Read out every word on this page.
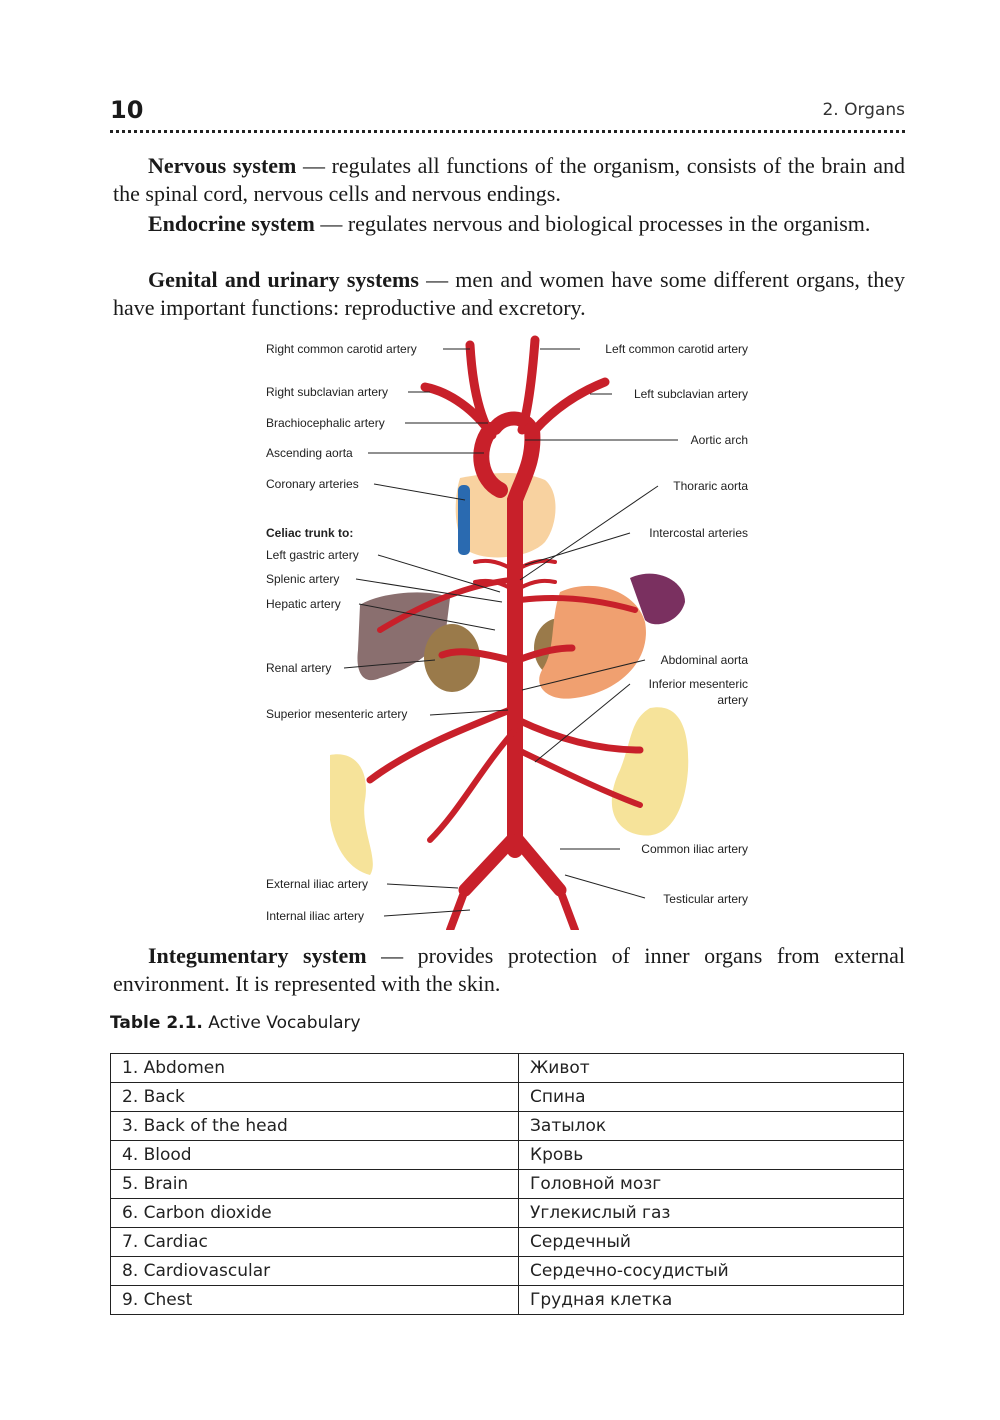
10	2. Organs
Nervous system — regulates all functions of the organism, consists of the brain and the spinal cord, nervous cells and nervous endings.
Endocrine system — regulates nervous and biological processes in the organism.
Genital and urinary systems — men and women have some different organs, they have important functions: reproductive and excretory.
Right common carotid artery
Right subclavian artery
Brachiocephalic artery
Ascending aorta
Coronary arteries
Celiac trunk to:
Left gastric artery
Splenic artery
Hepatic artery
Renal artery
Superior mesenteric artery
External iliac artery
Internal iliac artery
Left common carotid artery
Left subclavian artery
Aortic arch
Thoraric aorta
Intercostal arteries
Abdominal aorta
Inferior mesenteric
artery
Common iliac artery
Testicular artery
Integumentary system — provides protection of inner organs from external environment. It is represented with the skin.
Table 2.1. Active Vocabulary
1. Abdomen	Живот
2. Back	Спина
3. Back of the head	Затылок
4. Blood	Кровь
5. Brain	Головной мозг
6. Carbon dioxide	Углекислый газ
7. Cardiac	Сердечный
8. Cardiovascular	Сердечно-сосудистый
9. Chest	Грудная клетка
